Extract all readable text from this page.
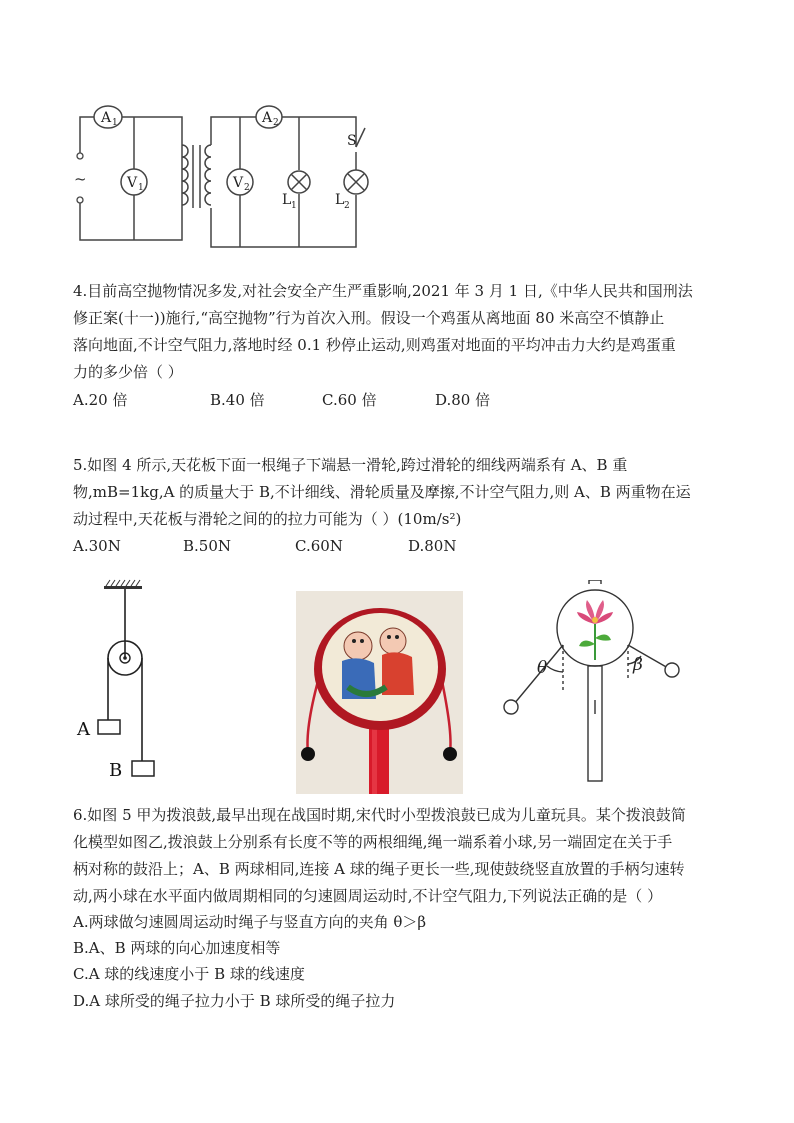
~
A 1
V 1
A 2
V 2
L 1	L 2
S
4.目前高空抛物情况多发,对社会安全产生严重影响,2021 年 3 月 1 日,《中华人民共和国刑法
修正案(十一))施行,“高空抛物”行为首次入刑。假设一个鸡蛋从离地面 80 米高空不慎静止
落向地面,不计空气阻力,落地时经 0.1 秒停止运动,则鸡蛋对地面的平均冲击力大约是鸡蛋重
力的多少倍（ ）
A.20 倍	B.40 倍	C.60 倍	D.80 倍
5.如图 4 所示,天花板下面一根绳子下端悬一滑轮,跨过滑轮的细线两端系有 A、B 重
物,mB=1kg,A 的质量大于 B,不计细线、滑轮质量及摩擦,不计空气阻力,则 A、B 两重物在运
动过程中,天花板与滑轮之间的的拉力可能为（ ）(10m/s²)
A.30N	B.50N	C.60N	D.80N
A
B
θ	β
6.如图 5 甲为拨浪鼓,最早出现在战国时期,宋代时小型拨浪鼓已成为儿童玩具。某个拨浪鼓简
化模型如图乙,拨浪鼓上分别系有长度不等的两根细绳,绳一端系着小球,另一端固定在关于手
柄对称的鼓沿上；A、B 两球相同,连接 A 球的绳子更长一些,现使鼓绕竖直放置的手柄匀速转
动,两小球在水平面内做周期相同的匀速圆周运动时,不计空气阻力,下列说法正确的是（ ）
A.两球做匀速圆周运动时绳子与竖直方向的夹角 θ＞β
B.A、B 两球的向心加速度相等
C.A 球的线速度小于 B 球的线速度
D.A 球所受的绳子拉力小于 B 球所受的绳子拉力
